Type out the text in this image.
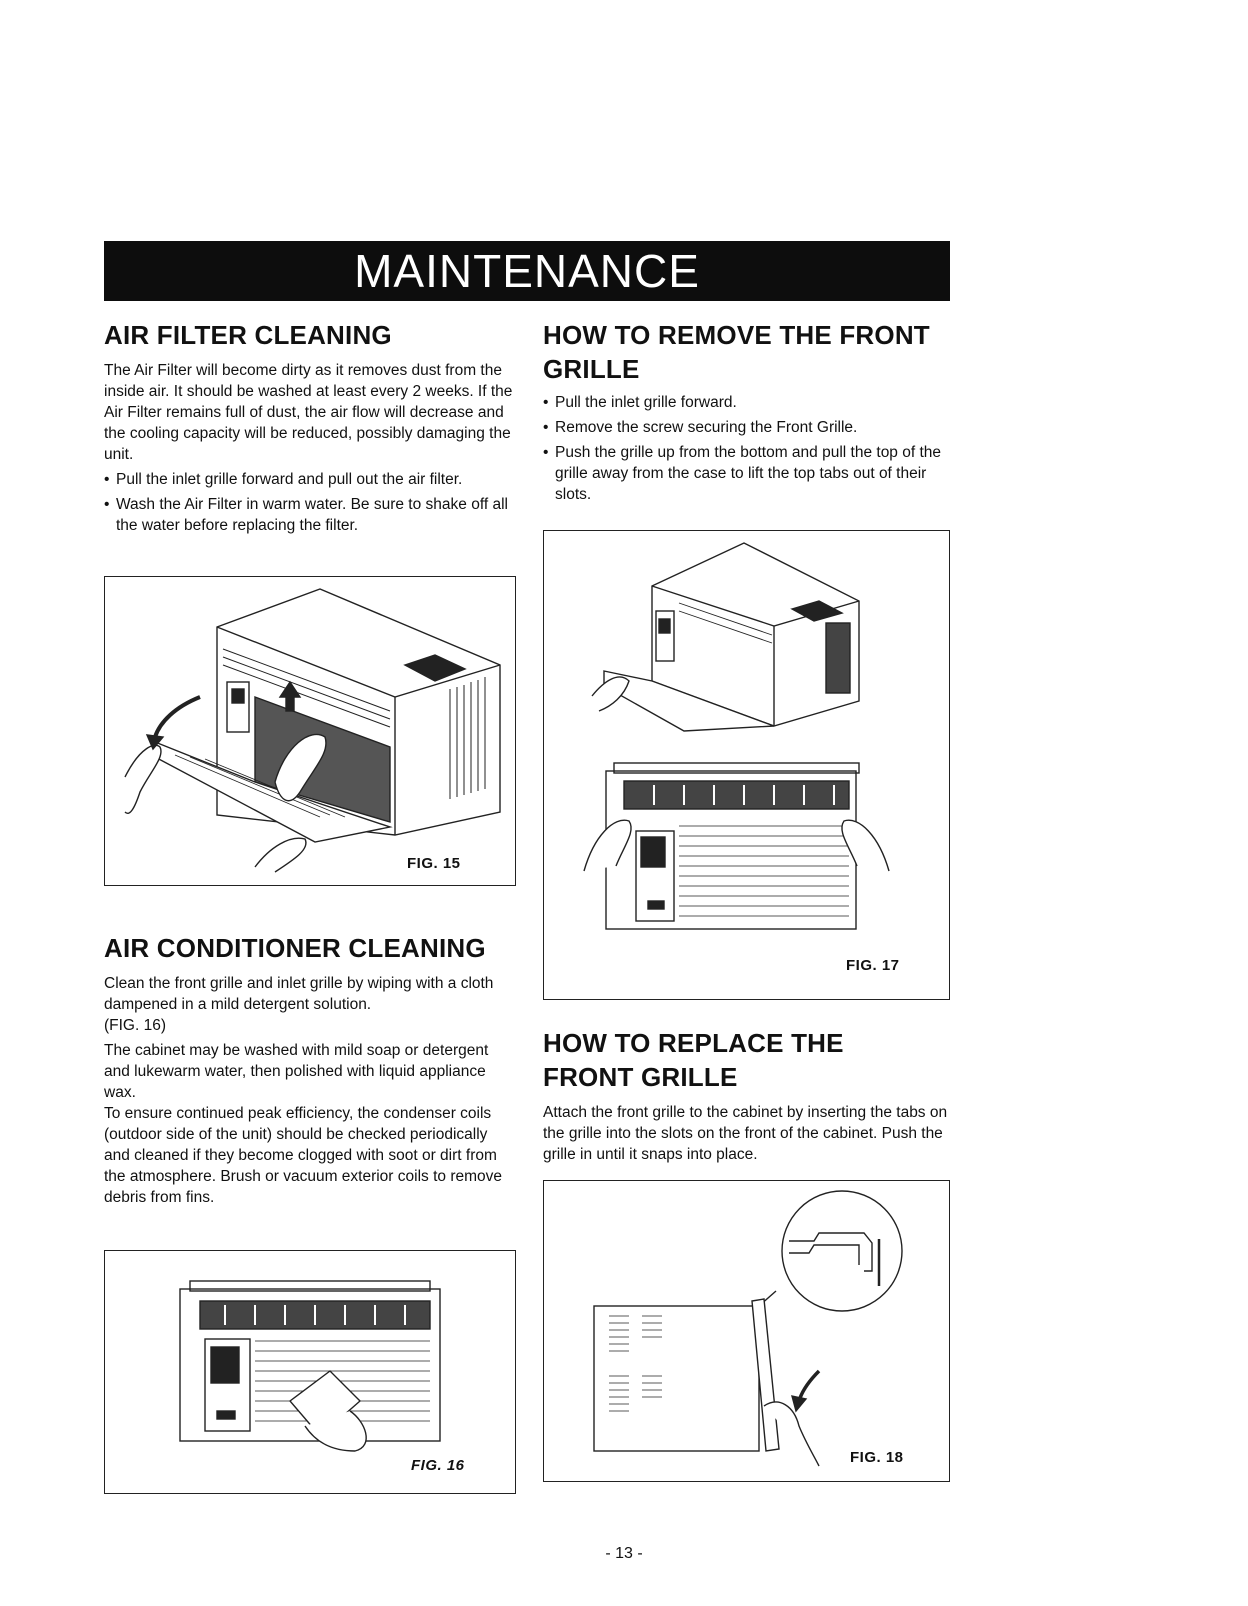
MAINTENANCE
AIR FILTER CLEANING

The Air Filter will become dirty as it removes dust from the inside air. It should be washed at least every 2 weeks. If the Air Filter remains full of dust, the air flow will decrease and the cooling capacity will be reduced, possibly damaging the unit.

• Pull the inlet grille forward and pull out the air filter.
• Wash the Air Filter in warm water. Be sure to shake off all the water before replacing the filter.
FIG. 15
AIR CONDITIONER CLEANING

Clean the front grille and inlet grille by wiping with a cloth dampened in a mild detergent solution.

(FIG. 16)

The cabinet may be washed with mild soap or detergent and lukewarm water, then polished with liquid appliance wax.

To ensure continued peak efficiency, the condenser coils (outdoor side of the unit) should be checked periodically and cleaned if they become clogged with soot or dirt from the atmosphere. Brush or vacuum exterior coils to remove debris from fins.

FIG. 16
HOW TO REMOVE THE FRONT
GRILLE
• Pull the inlet grille forward.
• Remove the screw securing the Front Grille.
• Push the grille up from the bottom and pull the top of the grille away from the case to lift the top tabs out of their slots.
FIG. 17
HOW TO REPLACE THE
FRONT GRILLE

Attach the front grille to the cabinet by inserting the tabs on the grille into the slots on the front of the cabinet. Push the grille in until it snaps into place.

FIG. 18
- 13 -
